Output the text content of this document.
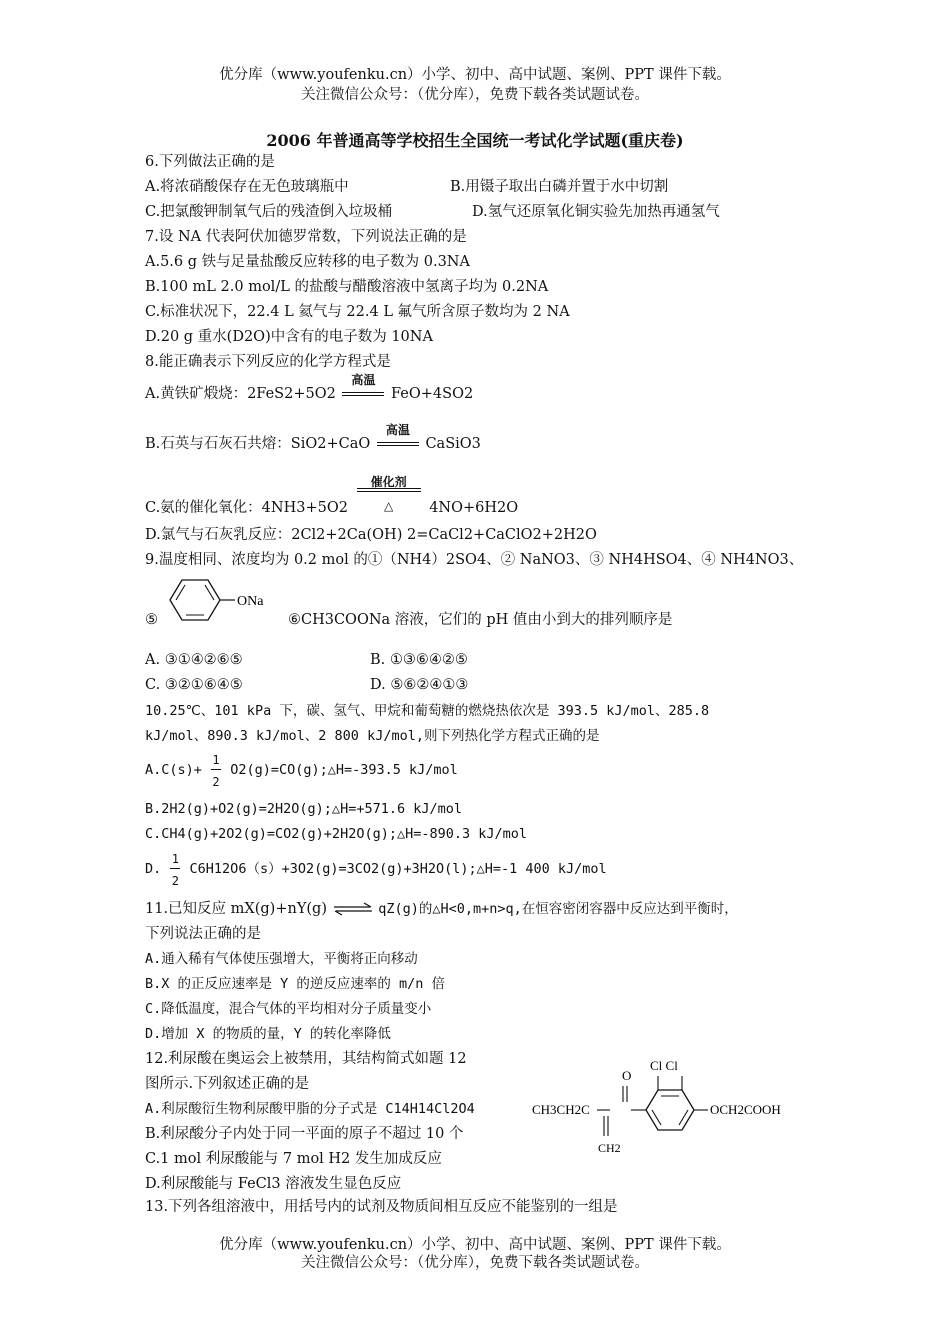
优分库（www.youfenku.cn）小学、初中、高中试题、案例、PPT 课件下载。
关注微信公众号：（优分库），免费下载各类试题试卷。
2006 年普通高等学校招生全国统一考试化学试题(重庆卷)
6.下列做法正确的是
A.将浓硝酸保存在无色玻璃瓶中	B.用镊子取出白磷并置于水中切割
C.把氯酸钾制氧气后的残渣倒入垃圾桶	D.氢气还原氧化铜实验先加热再通氢气
7.设 NA 代表阿伏加德罗常数，下列说法正确的是
A.5.6 g 铁与足量盐酸反应转移的电子数为 0.3NA
B.100 mL 2.0 mol/L 的盐酸与醋酸溶液中氢离子均为 0.2NA
C.标准状况下，22.4 L 氦气与 22.4 L 氟气所含原子数均为 2 NA
D.20 g 重水(D2O)中含有的电子数为 10NA
8.能正确表示下列反应的化学方程式是
A.黄铁矿煅烧：2FeS2+5O2
高温
FeO+4SO2
B.石英与石灰石共熔：SiO2+CaO
高温
CaSiO3
C.氨的催化氧化：4NH3+5O2
催化剂
△	4NO+6H2O
D.氯气与石灰乳反应：2Cl2+2Ca(OH) 2=CaCl2+CaClO2+2H2O
9.温度相同、浓度均为 0.2 mol 的①（NH4）2SO4、② NaNO3、③ NH4HSO4、④ NH4NO3、
⑤
ONa
⑥CH3COONa 溶液，它们的 pH 值由小到大的排列顺序是
A. ③①④②⑥⑤	B. ①③⑥④②⑤
C. ③②①⑥④⑤	D. ⑤⑥②④①③
10.25℃、101 kPa 下，碳、氢气、甲烷和葡萄糖的燃烧热依次是 393.5 kJ/mol、285.8
kJ/mol、890.3 kJ/mol、2 800 kJ/mol,则下列热化学方程式正确的是
$A.C(s)+ \frac{1}{2}$ O2(g)=CO(g);△H=-393.5 kJ/mol
B.2H2(g)+O2(g)=2H2O(g);△H=+571.6 kJ/mol
C.CH4(g)+2O2(g)=CO2(g)+2H2O(g);△H=-890.3 kJ/mol
D. $\frac{1}{2}$ C6H12O6（s）+3O2(g)=3CO2(g)+3H2O(l);△H=-1 400 kJ/mol
11.已知反应 mX(g)+nY(g) ⇌ qZ(g)的△H<0,m+n>q,在恒容密闭容器中反应达到平衡时，
下列说法正确的是
A.通入稀有气体使压强增大，平衡将正向移动
B.X 的正反应速率是 Y 的逆反应速率的 m/n 倍
C.降低温度，混合气体的平均相对分子质量变小
D.增加 X 的物质的量，Y 的转化率降低
12.利尿酸在奥运会上被禁用，其结构简式如题 12
图所示.下列叙述正确的是
A.利尿酸衍生物利尿酸甲脂的分子式是 C14H14Cl2O4
B.利尿酸分子内处于同一平面的原子不超过 10 个
C.1 mol 利尿酸能与 7 mol H2 发生加成反应
D.利尿酸能与 FeCl3 溶液发生显色反应
CH3CH2C
O
CH2
Cl Cl
OCH2COOH
13.下列各组溶液中，用括号内的试剂及物质间相互反应不能鉴别的一组是
优分库（www.youfenku.cn）小学、初中、高中试题、案例、PPT 课件下载。
关注微信公众号：（优分库），免费下载各类试题试卷。
